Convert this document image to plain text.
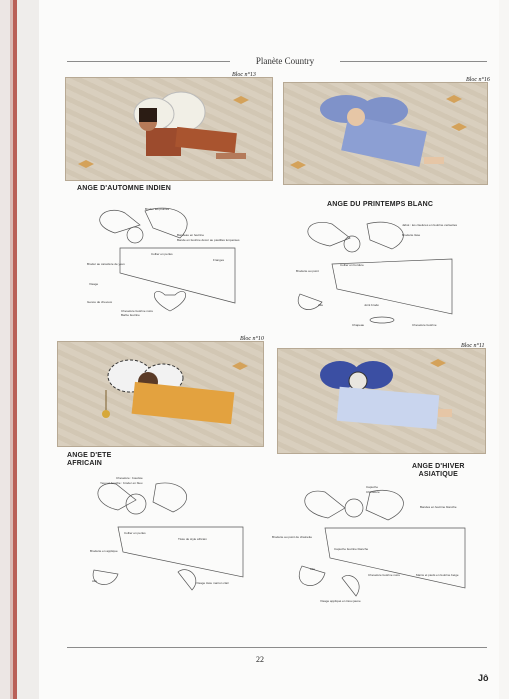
Planète Country
Bloc n°13
Bloc n°16
ANGE D'AUTOMNE INDIEN
Broder les plumes
Bandeau en feutrine
Bande en feutrine décor au pastilles turquoises
Collier en perles
Franges
Broder au caractère de yeux
Visage
Genou de cheveux
Chevelure feutrine noire
Barbe feutrine
ANGE DU PRINTEMPS BLANC
Jabot : les ciselures en feutrine cerisettes
Broderie lisse
Collier en bordure
Broderie au point
Aile	Joint brodé
Chapeau	Chevelure feutrine
Bloc n°10
Bloc n°11
ANGE D'ETE
AFRICAIN
Chevelure : bouclée
Yeux et bouche : broder en bleu
Collier en perles
Tissu de style africain
Broderie en applique
Aile	Visage tissu marron clair
ANGE D'HIVER
ASIATIQUE
Capuche
Chevelure
Bandes en feutrine blanche
Broderie au point de chainette
Capuche feutrine blanche
Aile
Chevelure feutrine noire	Mains et pieds en feutrine beige
Visage appliqué en tissu jaune
22
Jô
